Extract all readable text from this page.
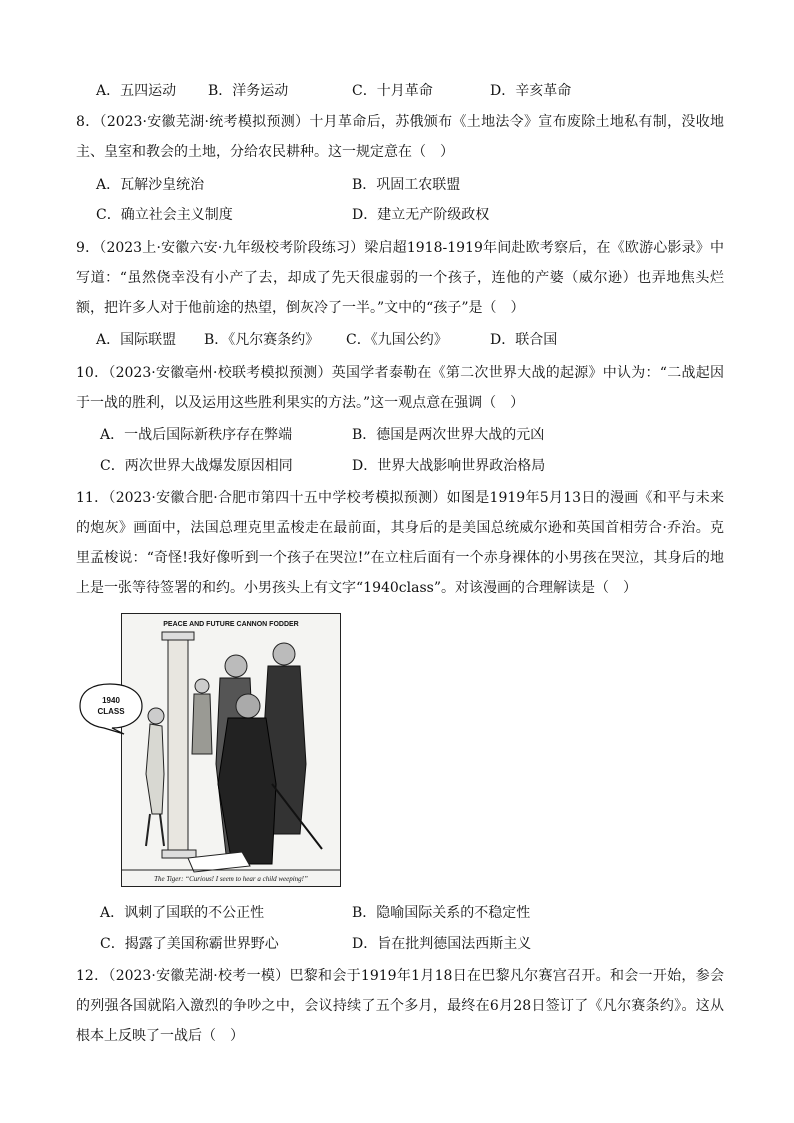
A．五四运动 B．洋务运动	C．十月革命	D．辛亥革命
8．（2023·安徽芜湖·统考模拟预测）十月革命后，苏俄颁布《土地法令》宣布废除土地私有制，没收地主、皇室和教会的土地，分给农民耕种。这一规定意在（　）
A．瓦解沙皇统治	B．巩固工农联盟
C．确立社会主义制度	D．建立无产阶级政权
9．（2023上·安徽六安·九年级校考阶段练习）梁启超1918-1919年间赴欧考察后，在《欧游心影录》中写道：“虽然侥幸没有小产了去，却成了先天很虚弱的一个孩子，连他的产婆（威尔逊）也弄地焦头烂额，把许多人对于他前途的热望，倒灰冷了一半。”文中的“孩子”是（　）
A．国际联盟 B．《凡尔赛条约》 C．《九国公约》	D．联合国
10．（2023·安徽亳州·校联考模拟预测）英国学者泰勒在《第二次世界大战的起源》中认为：“二战起因于一战的胜利，以及运用这些胜利果实的方法。”这一观点意在强调（　）
A．一战后国际新秩序存在弊端	B．德国是两次世界大战的元凶
C．两次世界大战爆发原因相同	D．世界大战影响世界政治格局
11．（2023·安徽合肥·合肥市第四十五中学校考模拟预测）如图是1919年5月13日的漫画《和平与未来的炮灰》画面中，法国总理克里孟梭走在最前面，其身后的是美国总统威尔逊和英国首相劳合·乔治。克里孟梭说：“奇怪!我好像听到一个孩子在哭泣!”在立柱后面有一个赤身裸体的小男孩在哭泣，其身后的地上是一张等待签署的和约。小男孩头上有文字“1940class”。对该漫画的合理解读是（　）
PEACE AND FUTURE CANNON FODDER
The Tiger: “Curious! I seem to hear a child weeping!”
1940
CLASS
A．讽刺了国联的不公正性	B．隐喻国际关系的不稳定性
C．揭露了美国称霸世界野心	D．旨在批判德国法西斯主义
12．（2023·安徽芜湖·校考一模）巴黎和会于1919年1月18日在巴黎凡尔赛宫召开。和会一开始，参会的列强各国就陷入激烈的争吵之中，会议持续了五个多月，最终在6月28日签订了《凡尔赛条约》。这从根本上反映了一战后（　）
